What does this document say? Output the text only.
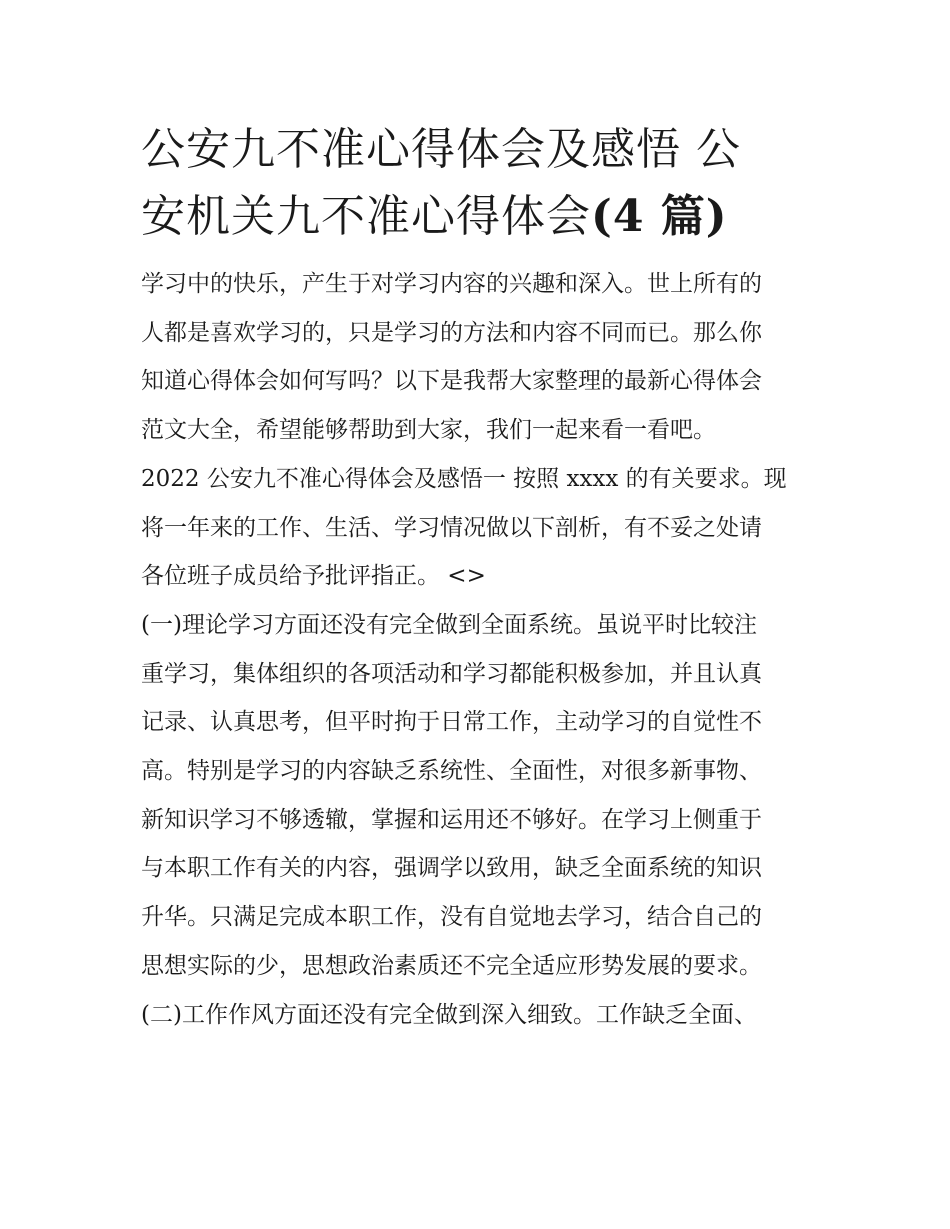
公安九不准心得体会及感悟 公
安机关九不准心得体会(4 篇)

学习中的快乐，产生于对学习内容的兴趣和深入。世上所有的
人都是喜欢学习的，只是学习的方法和内容不同而已。那么你
知道心得体会如何写吗？以下是我帮大家整理的最新心得体会
范文大全，希望能够帮助到大家，我们一起来看一看吧。

2022 公安九不准心得体会及感悟一 按照 xxxx 的有关要求。现
将一年来的工作、生活、学习情况做以下剖析，有不妥之处请
各位班子成员给予批评指正。 <>

(一)理论学习方面还没有完全做到全面系统。虽说平时比较注
重学习，集体组织的各项活动和学习都能积极参加，并且认真
记录、认真思考，但平时拘于日常工作，主动学习的自觉性不
高。特别是学习的内容缺乏系统性、全面性，对很多新事物、
新知识学习不够透辙，掌握和运用还不够好。在学习上侧重于
与本职工作有关的内容，强调学以致用，缺乏全面系统的知识
升华。只满足完成本职工作，没有自觉地去学习，结合自己的
思想实际的少，思想政治素质还不完全适应形势发展的要求。

(二)工作作风方面还没有完全做到深入细致。工作缺乏全面、
